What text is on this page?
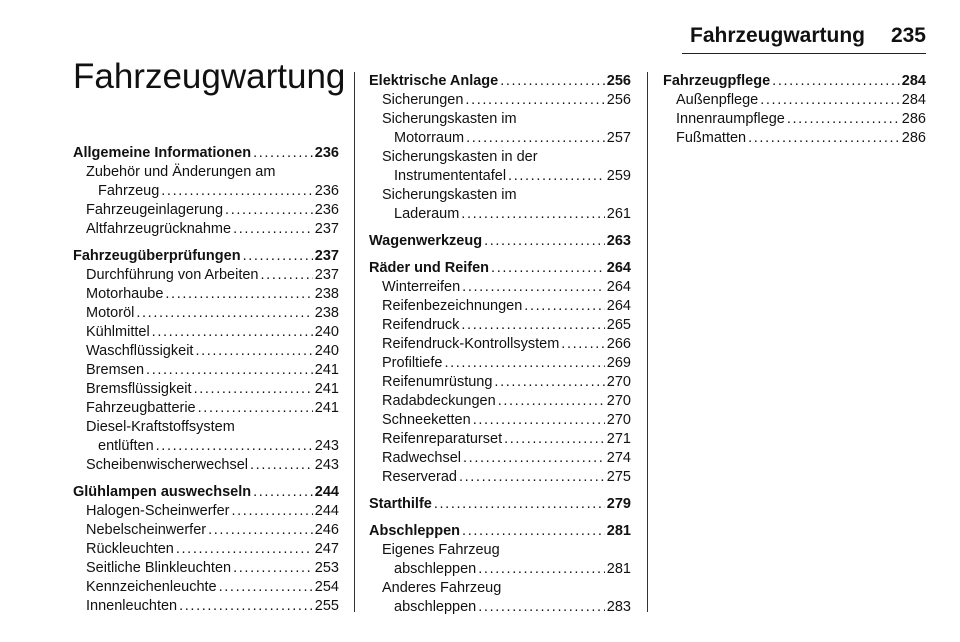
Fahrzeugwartung 235
Fahrzeugwartung
Allgemeine Informationen . . .	236
Zubehör und Änderungen am
Fahrzeug . . .	236
Fahrzeugeinlagerung . . .	236
Altfahrzeugrücknahme . . .	237
Fahrzeugüberprüfungen . . .	237
Durchführung von Arbeiten . . .	237
Motorhaube . . .	238
Motoröl . . .	238
Kühlmittel . . .	240
Waschflüssigkeit . . .	240
Bremsen . . .	241
Bremsflüssigkeit . . .	241
Fahrzeugbatterie . . .	241
Diesel-Kraftstoffsystem
entlüften . . .	243
Scheibenwischerwechsel . . .	243
Glühlampen auswechseln . . .	244
Halogen-Scheinwerfer . . .	244
Nebelscheinwerfer . . .	246
Rückleuchten . . .	247
Seitliche Blinkleuchten . . .	253
Kennzeichenleuchte . . .	254
Innenleuchten . . .	255
Elektrische Anlage . . .	256
Sicherungen . . .	256
Sicherungskasten im
Motorraum . . .	257
Sicherungskasten in der
Instrumententafel . . .	259
Sicherungskasten im
Laderaum . . .	261
Wagenwerkzeug . . .	263
Räder und Reifen . . .	264
Winterreifen . . .	264
Reifenbezeichnungen . . .	264
Reifendruck . . .	265
Reifendruck-Kontrollsystem . . .	266
Profiltiefe . . .	269
Reifenumrüstung . . .	270
Radabdeckungen . . .	270
Schneeketten . . .	270
Reifenreparaturset . . .	271
Radwechsel . . .	274
Reserverad . . .	275
Starthilfe . . .	279
Abschleppen . . .	281
Eigenes Fahrzeug
abschleppen . . .	281
Anderes Fahrzeug
abschleppen . . .	283
Fahrzeugpflege . . .	284
Außenpflege . . .	284
Innenraumpflege . . .	286
Fußmatten . . .	286
